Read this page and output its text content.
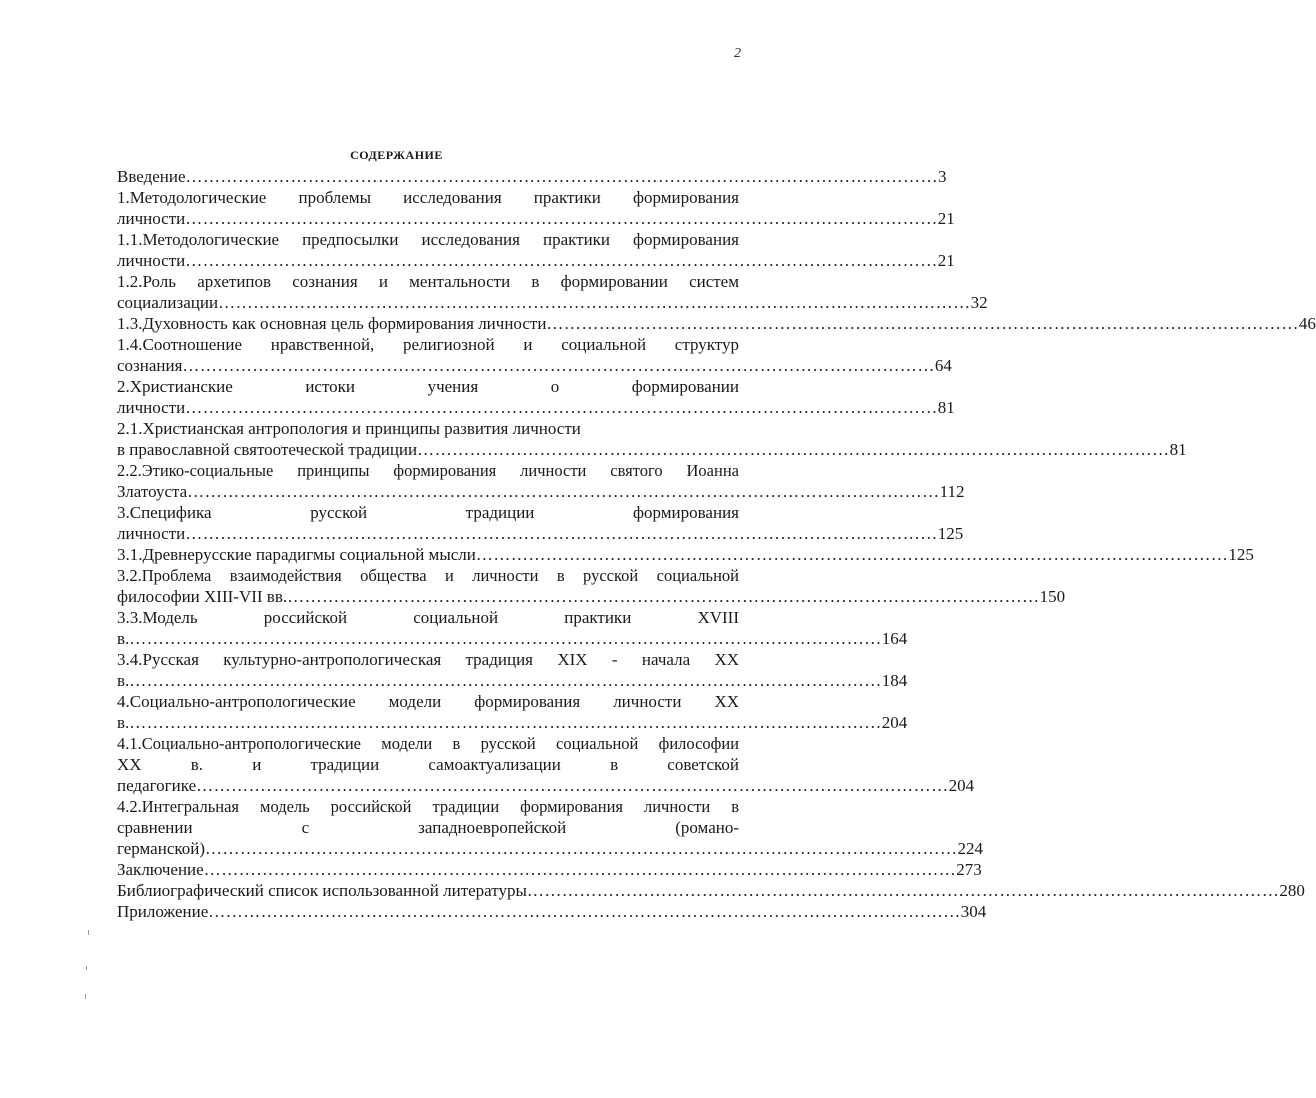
2
СОДЕРЖАНИЕ
Введение ………………………………………………………………………………………………………………… 3
1.Методологические проблемы исследования практики формирования
личности ………………………………………………………………………………………………………………… 21
1.1.Методологические предпосылки исследования практики формирования
личности ………………………………………………………………………………………………………………… 21
1.2.Роль архетипов сознания и ментальности в формировании систем
социализации ………………………………………………………………………………………………………………… 32
1.3.Духовность как основная цель формирования личности ………………………………………………………………………………………………………………… 46
1.4.Соотношение нравственной, религиозной и социальной структур
сознания ………………………………………………………………………………………………………………… 64
2.Христианские истоки учения о формировании
личности ………………………………………………………………………………………………………………… 81
2.1.Христианская антропология и принципы развития личности
в православной святоотечеcкой традиции ………………………………………………………………………………………………………………… 81
2.2.Этико-социальные принципы формирования личности святого Иоанна
Златоуста ………………………………………………………………………………………………………………… 112
3.Специфика русской традиции формирования
личности ………………………………………………………………………………………………………………… 125
3.1.Древнерусские парадигмы социальной мысли ………………………………………………………………………………………………………………… 125
3.2.Проблема взаимодействия общества и личности в русской социальной
философии XIII-VII вв. ………………………………………………………………………………………………………………… 150
3.3.Модель российской социальной практики XVIII
в. ………………………………………………………………………………………………………………… 164
3.4.Русская культурно-антропологическая традиция XIX - начала XX
в. ………………………………………………………………………………………………………………… 184
4.Социально-антропологические модели формирования личности XX
в. ………………………………………………………………………………………………………………… 204
4.1.Социально-антропологические модели в русской социальной философии
XX в. и традиции самоактуализации в советской
педагогике ………………………………………………………………………………………………………………… 204
4.2.Интегральная модель российской традиции формирования личности в
сравнении с западноевропейской (романо-
германской) ………………………………………………………………………………………………………………… 224
Заключение ………………………………………………………………………………………………………………… 273
Библиографический список использованной литературы ………………………………………………………………………………………………………………… 280
Приложение ………………………………………………………………………………………………………………… 304
